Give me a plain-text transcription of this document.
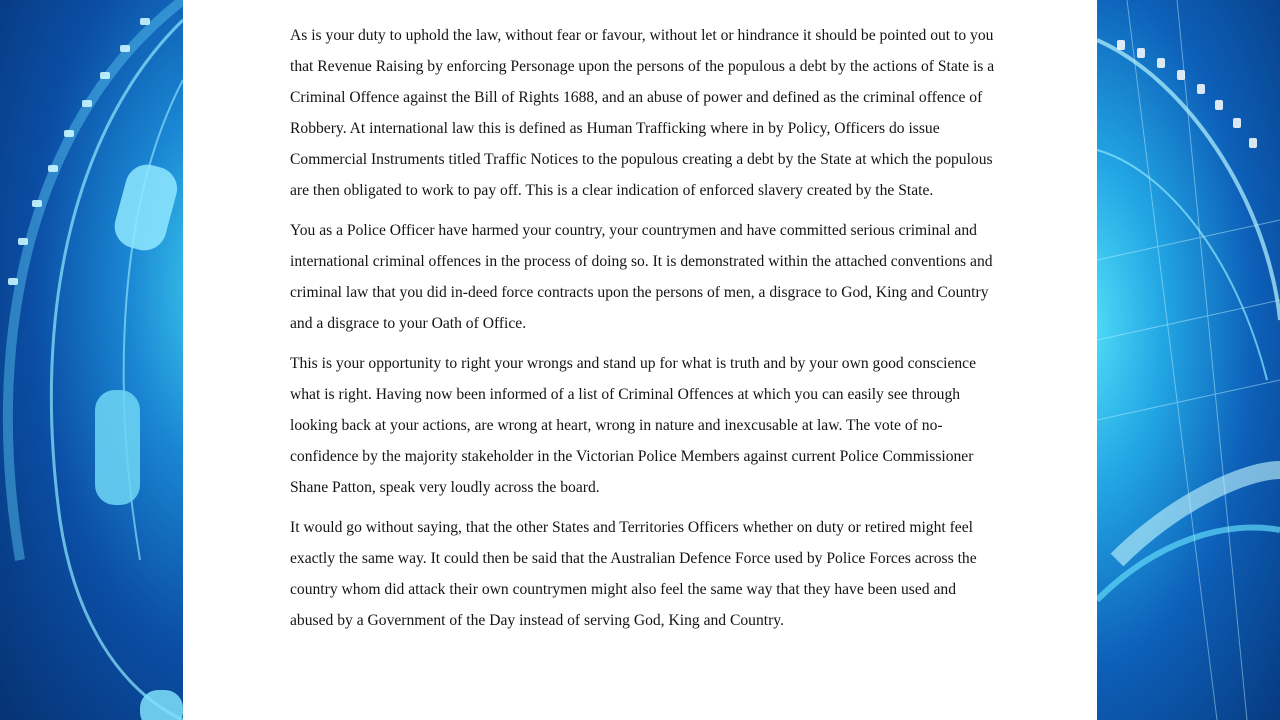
As is your duty to uphold the law, without fear or favour, without let or hindrance it should be pointed out to you that Revenue Raising by enforcing Personage upon the persons of the populous a debt by the actions of State is a Criminal Offence against the Bill of Rights 1688, and an abuse of power and defined as the criminal offence of Robbery. At international law this is defined as Human Trafficking where in by Policy, Officers do issue Commercial Instruments titled Traffic Notices to the populous creating a debt by the State at which the populous are then obligated to work to pay off. This is a clear indication of enforced slavery created by the State.

You as a Police Officer have harmed your country, your countrymen and have committed serious criminal and international criminal offences in the process of doing so. It is demonstrated within the attached conventions and criminal law that you did in-deed force contracts upon the persons of men, a disgrace to God, King and Country and a disgrace to your Oath of Office.

This is your opportunity to right your wrongs and stand up for what is truth and by your own good conscience what is right. Having now been informed of a list of Criminal Offences at which you can easily see through looking back at your actions, are wrong at heart, wrong in nature and inexcusable at law. The vote of no-confidence by the majority stakeholder in the Victorian Police Members against current Police Commissioner Shane Patton, speak very loudly across the board.

It would go without saying, that the other States and Territories Officers whether on duty or retired might feel exactly the same way. It could then be said that the Australian Defence Force used by Police Forces across the country whom did attack their own countrymen might also feel the same way that they have been used and abused by a Government of the Day instead of serving God, King and Country.
